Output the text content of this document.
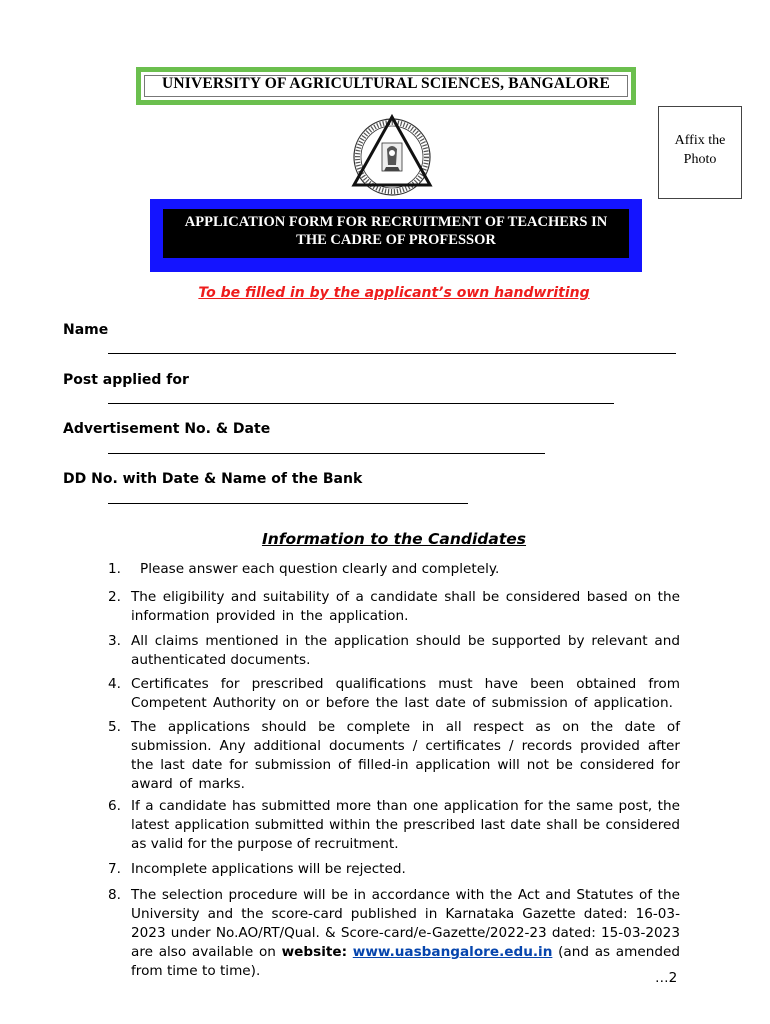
UNIVERSITY OF AGRICULTURAL SCIENCES, BANGALORE
Affix the
Photo
APPLICATION FORM FOR RECRUITMENT OF TEACHERS IN
THE CADRE OF PROFESSOR
To be filled in by the applicant’s own handwriting
Name
Post applied for
Advertisement No. & Date
DD No. with Date & Name of the Bank
Information to the Candidates
1. Please answer each question clearly and completely.
2. The eligibility and suitability of a candidate shall be considered based on the information provided in the application.
3. All claims mentioned in the application should be supported by relevant and authenticated documents.
4. Certificates for prescribed qualifications must have been obtained from Competent Authority on or before the last date of submission of application.
5. The applications should be complete in all respect as on the date of submission. Any additional documents / certificates / records provided after the last date for submission of filled-in application will not be considered for award of marks.
6. If a candidate has submitted more than one application for the same post, the latest application submitted within the prescribed last date shall be considered as valid for the purpose of recruitment.
7. Incomplete applications will be rejected.
8. The selection procedure will be in accordance with the Act and Statutes of the University and the score-card published in Karnataka Gazette dated: 16-03-2023 under No.AO/RT/Qual. & Score-card/e-Gazette/2022-23 dated: 15-03-2023 are also available on website: www.uasbangalore.edu.in (and as amended from time to time).	…2
